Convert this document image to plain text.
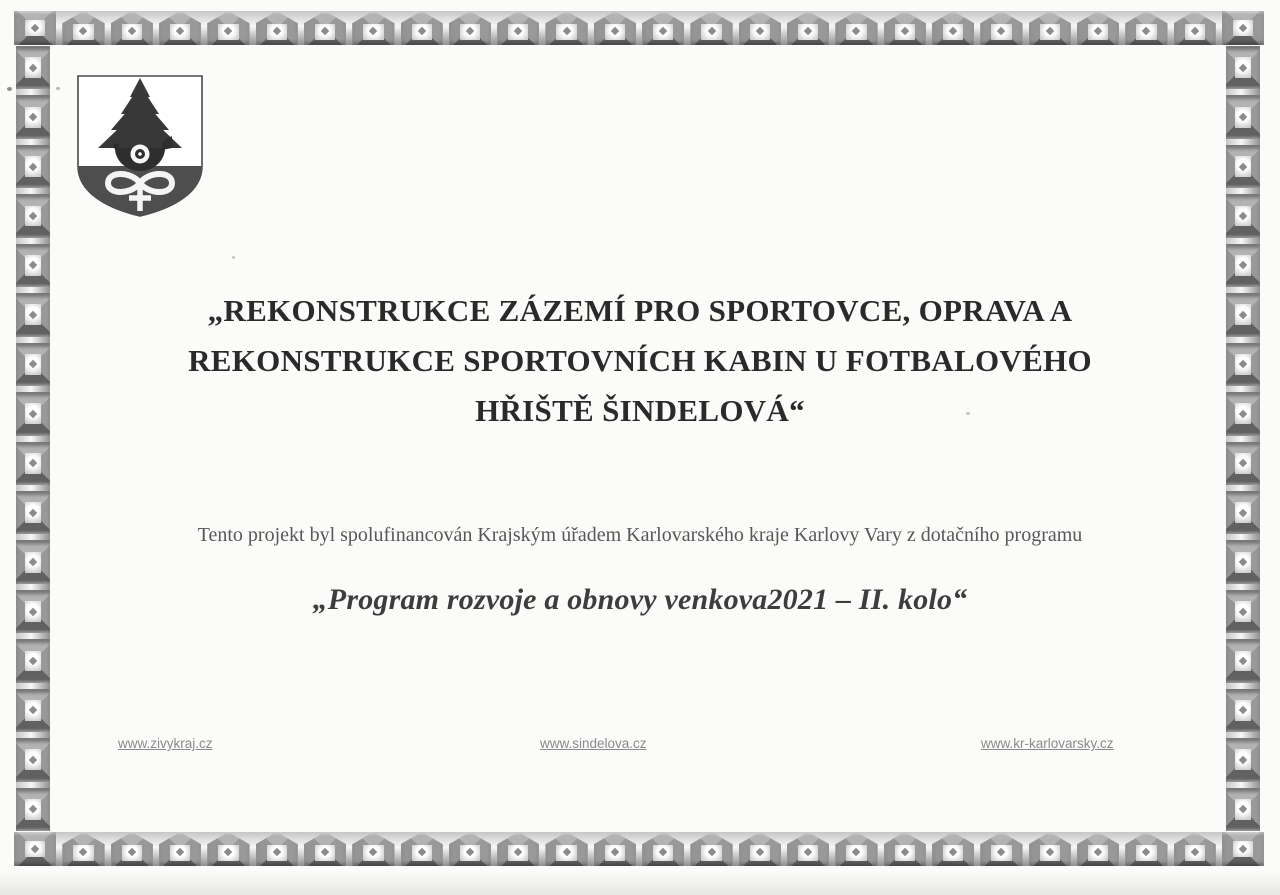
„REKONSTRUKCE ZÁZEMÍ PRO SPORTOVCE, OPRAVA A
REKONSTRUKCE SPORTOVNÍCH KABIN U FOTBALOVÉHO
HŘIŠTĚ ŠINDELOVÁ“

Tento projekt byl spolufinancován Krajským úřadem Karlovarského kraje Karlovy Vary z dotačního programu

„Program rozvoje a obnovy venkova2021 – II. kolo“

www.zivykraj.cz	www.sindelova.cz	www.kr-karlovarsky.cz
